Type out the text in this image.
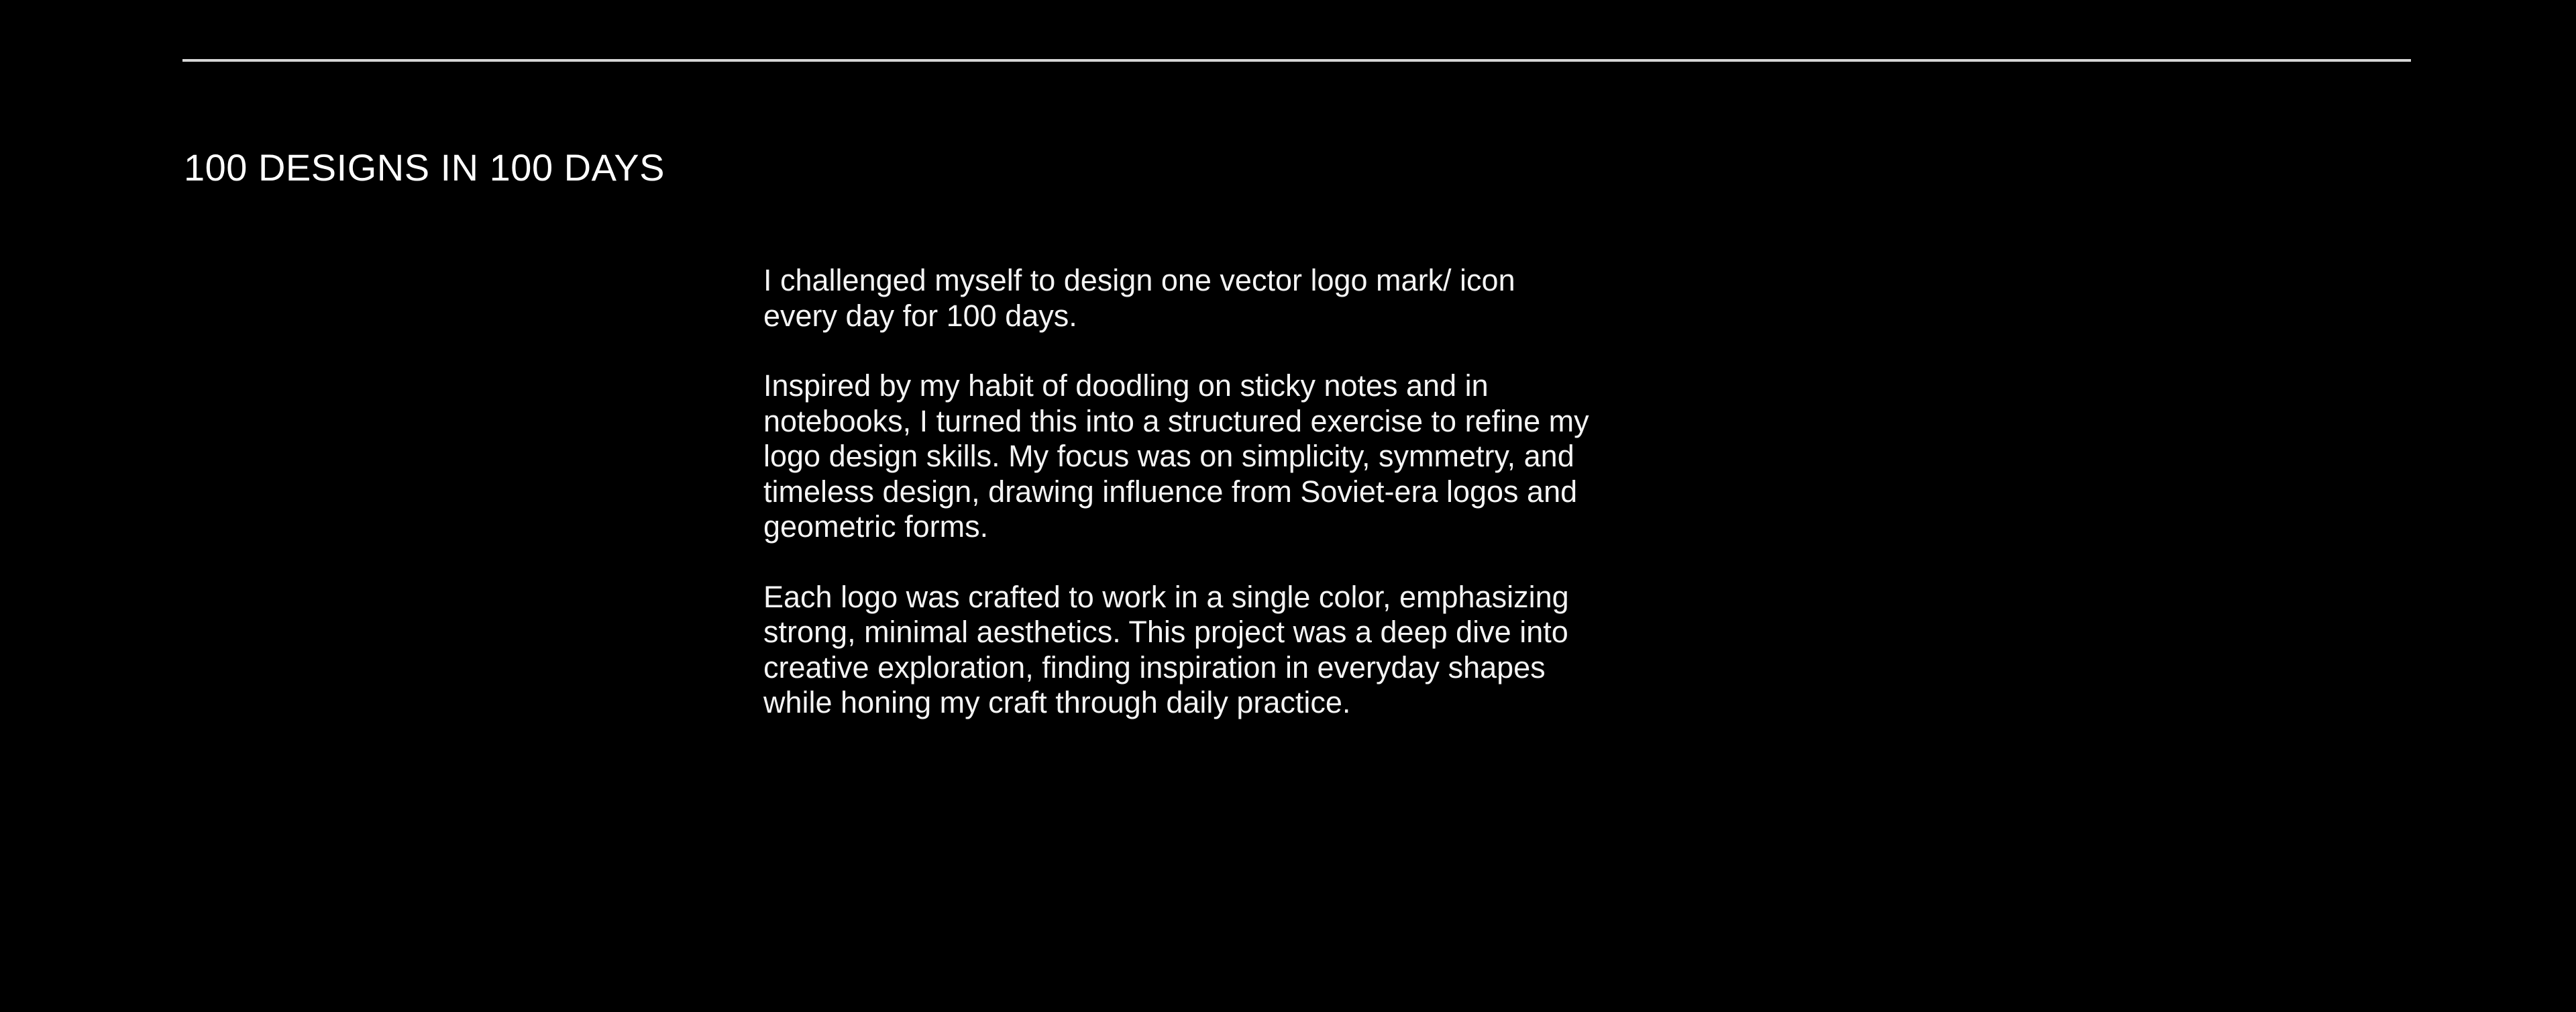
100 DESIGNS IN 100 DAYS

I challenged myself to design one vector logo mark/ icon every day for 100 days.

Inspired by my habit of doodling on sticky notes and in notebooks, I turned this into a structured exercise to refine my logo design skills. My focus was on simplicity, symmetry, and timeless design, drawing influence from Soviet-era logos and geometric forms.

Each logo was crafted to work in a single color, emphasizing strong, minimal aesthetics. This project was a deep dive into creative exploration, finding inspiration in everyday shapes while honing my craft through daily practice.
